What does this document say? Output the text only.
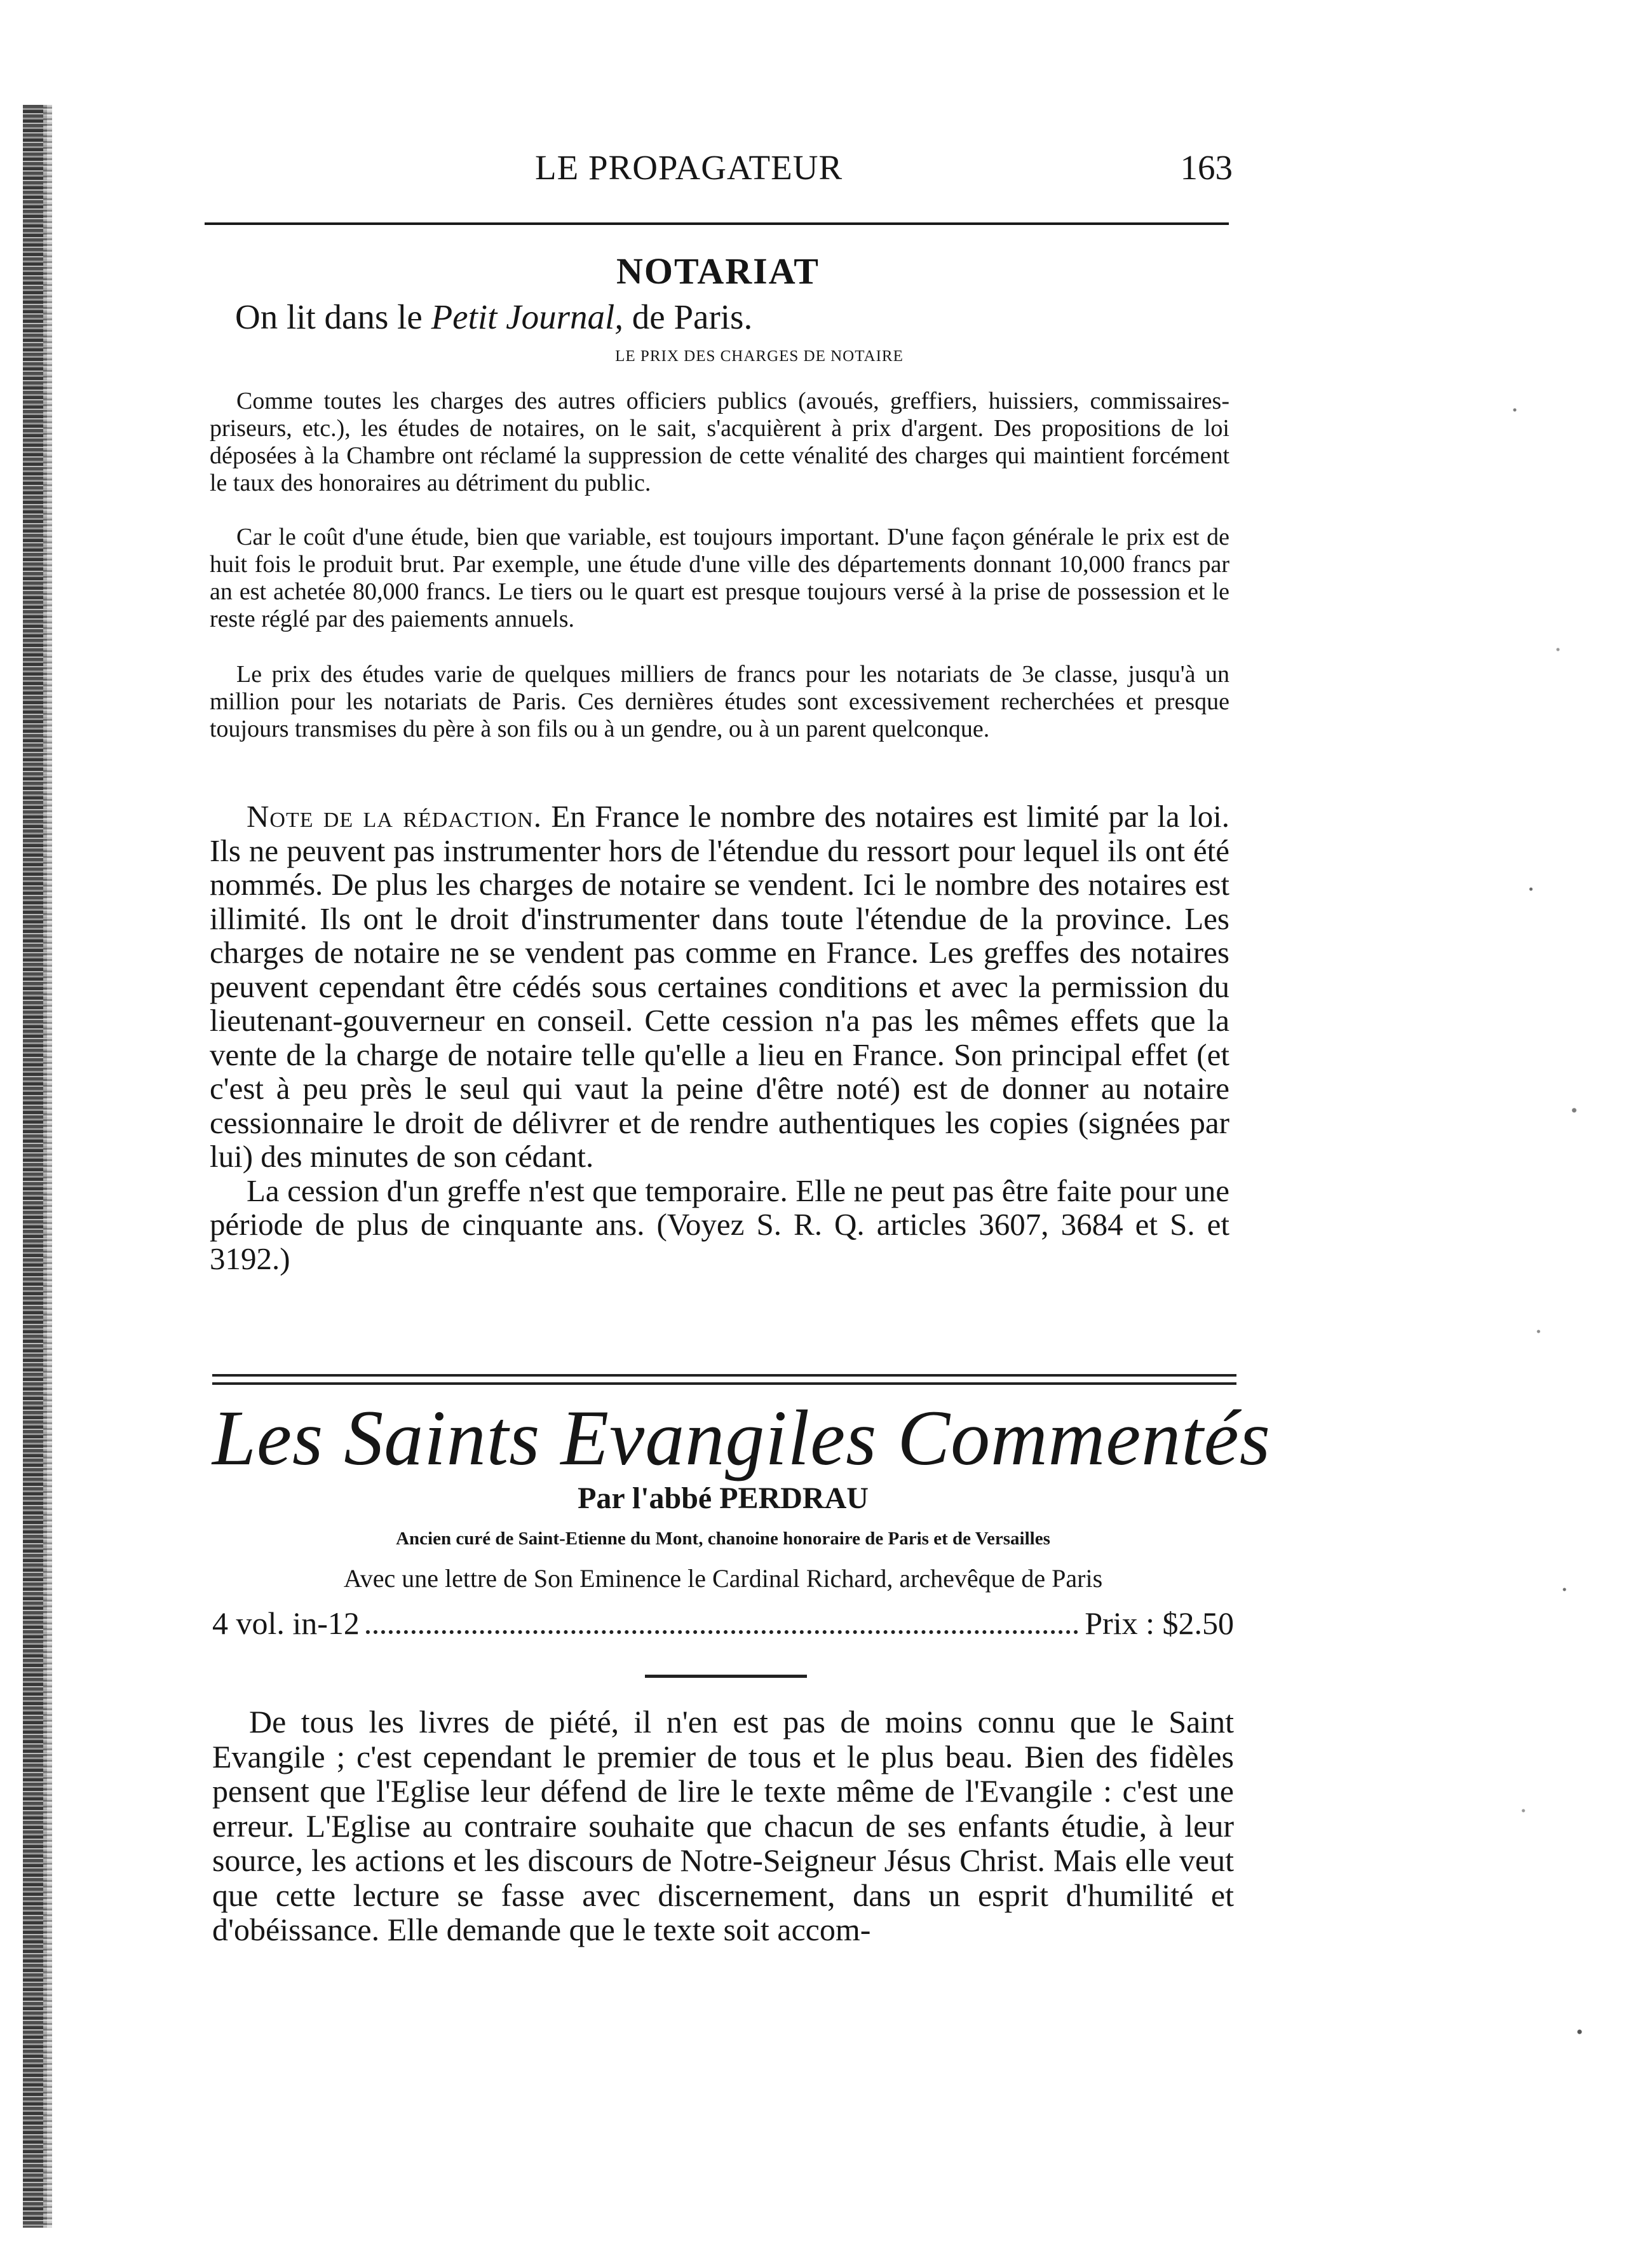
LE PROPAGATEUR	163
NOTARIAT
On lit dans le Petit Journal, de Paris.
LE PRIX DES CHARGES DE NOTAIRE

Comme toutes les charges des autres officiers publics (avoués, greffiers, huissiers, commissaires-priseurs, etc.), les études de notaires, on le sait, s'acquièrent à prix d'argent. Des propositions de loi déposées à la Chambre ont réclamé la suppression de cette vénalité des charges qui maintient forcément le taux des honoraires au détriment du public.

Car le coût d'une étude, bien que variable, est toujours important. D'une façon générale le prix est de huit fois le produit brut. Par exemple, une étude d'une ville des départements donnant 10,000 francs par an est achetée 80,000 francs. Le tiers ou le quart est presque toujours versé à la prise de possession et le reste réglé par des paiements annuels.

Le prix des études varie de quelques milliers de francs pour les notariats de 3e classe, jusqu'à un million pour les notariats de Paris. Ces dernières études sont excessivement recherchées et presque toujours transmises du père à son fils ou à un gendre, ou à un parent quelconque.

Note de la rédaction. En France le nombre des notaires est limité par la loi. Ils ne peuvent pas instrumenter hors de l'étendue du ressort pour lequel ils ont été nommés. De plus les charges de notaire se vendent. Ici le nombre des notaires est illimité. Ils ont le droit d'instrumenter dans toute l'étendue de la province. Les charges de notaire ne se vendent pas comme en France. Les greffes des notaires peuvent cependant être cédés sous certaines conditions et avec la permission du lieutenant-gouverneur en conseil. Cette cession n'a pas les mêmes effets que la vente de la charge de notaire telle qu'elle a lieu en France. Son principal effet (et c'est à peu près le seul qui vaut la peine d'être noté) est de donner au notaire cessionnaire le droit de délivrer et de rendre authentiques les copies (signées par lui) des minutes de son cédant.
La cession d'un greffe n'est que temporaire. Elle ne peut pas être faite pour une période de plus de cinquante ans. (Voyez S. R. Q. articles 3607, 3684 et S. et 3192.)

Les Saints Evangiles Commentés
Par l'abbé PERDRAU
Ancien curé de Saint-Etienne du Mont, chanoine honoraire de Paris et de Versailles
Avec une lettre de Son Eminence le Cardinal Richard, archevêque de Paris
4 vol. in-12	Prix : $2.50

De tous les livres de piété, il n'en est pas de moins connu que le Saint Evangile ; c'est cependant le premier de tous et le plus beau. Bien des fidèles pensent que l'Eglise leur défend de lire le texte même de l'Evangile : c'est une erreur. L'Eglise au contraire souhaite que chacun de ses enfants étudie, à leur source, les actions et les discours de Notre-Seigneur Jésus Christ. Mais elle veut que cette lecture se fasse avec discernement, dans un esprit d'humilité et d'obéissance. Elle demande que le texte soit accom-
